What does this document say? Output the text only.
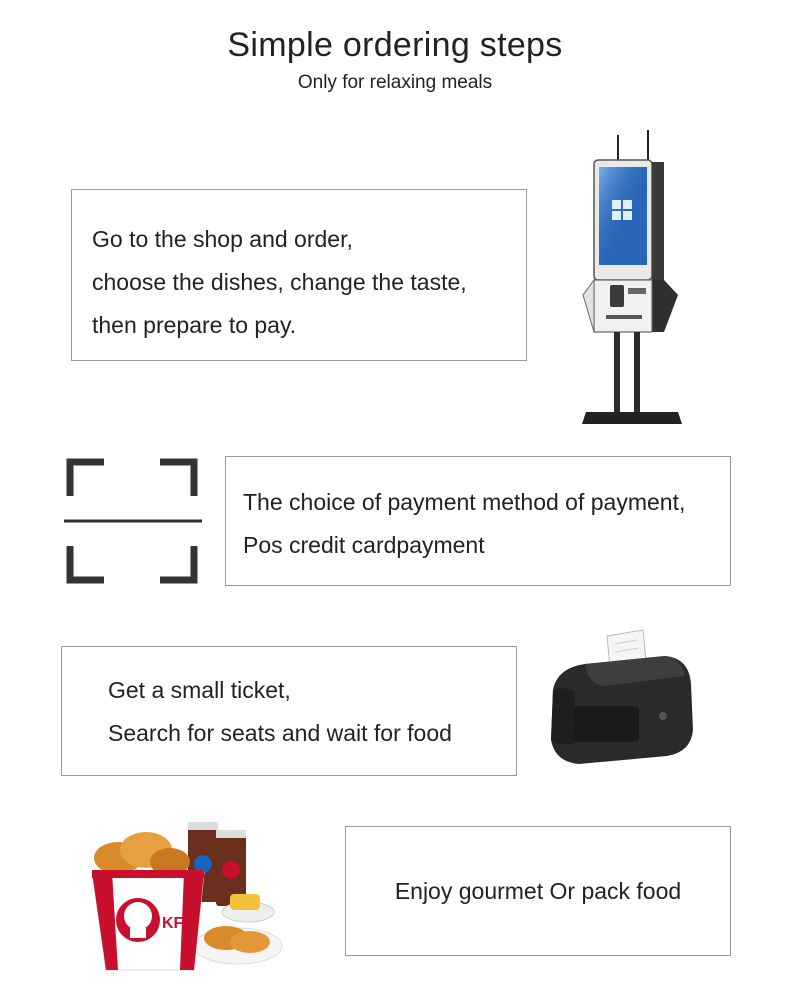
Simple ordering steps
Only for relaxing meals
Go to the shop and order,
choose the dishes, change the taste,
then prepare to pay.
The choice of payment method of payment,
Pos credit cardpayment
Get a small ticket,
Search for seats and wait for food
KFC
Enjoy gourmet Or pack food
